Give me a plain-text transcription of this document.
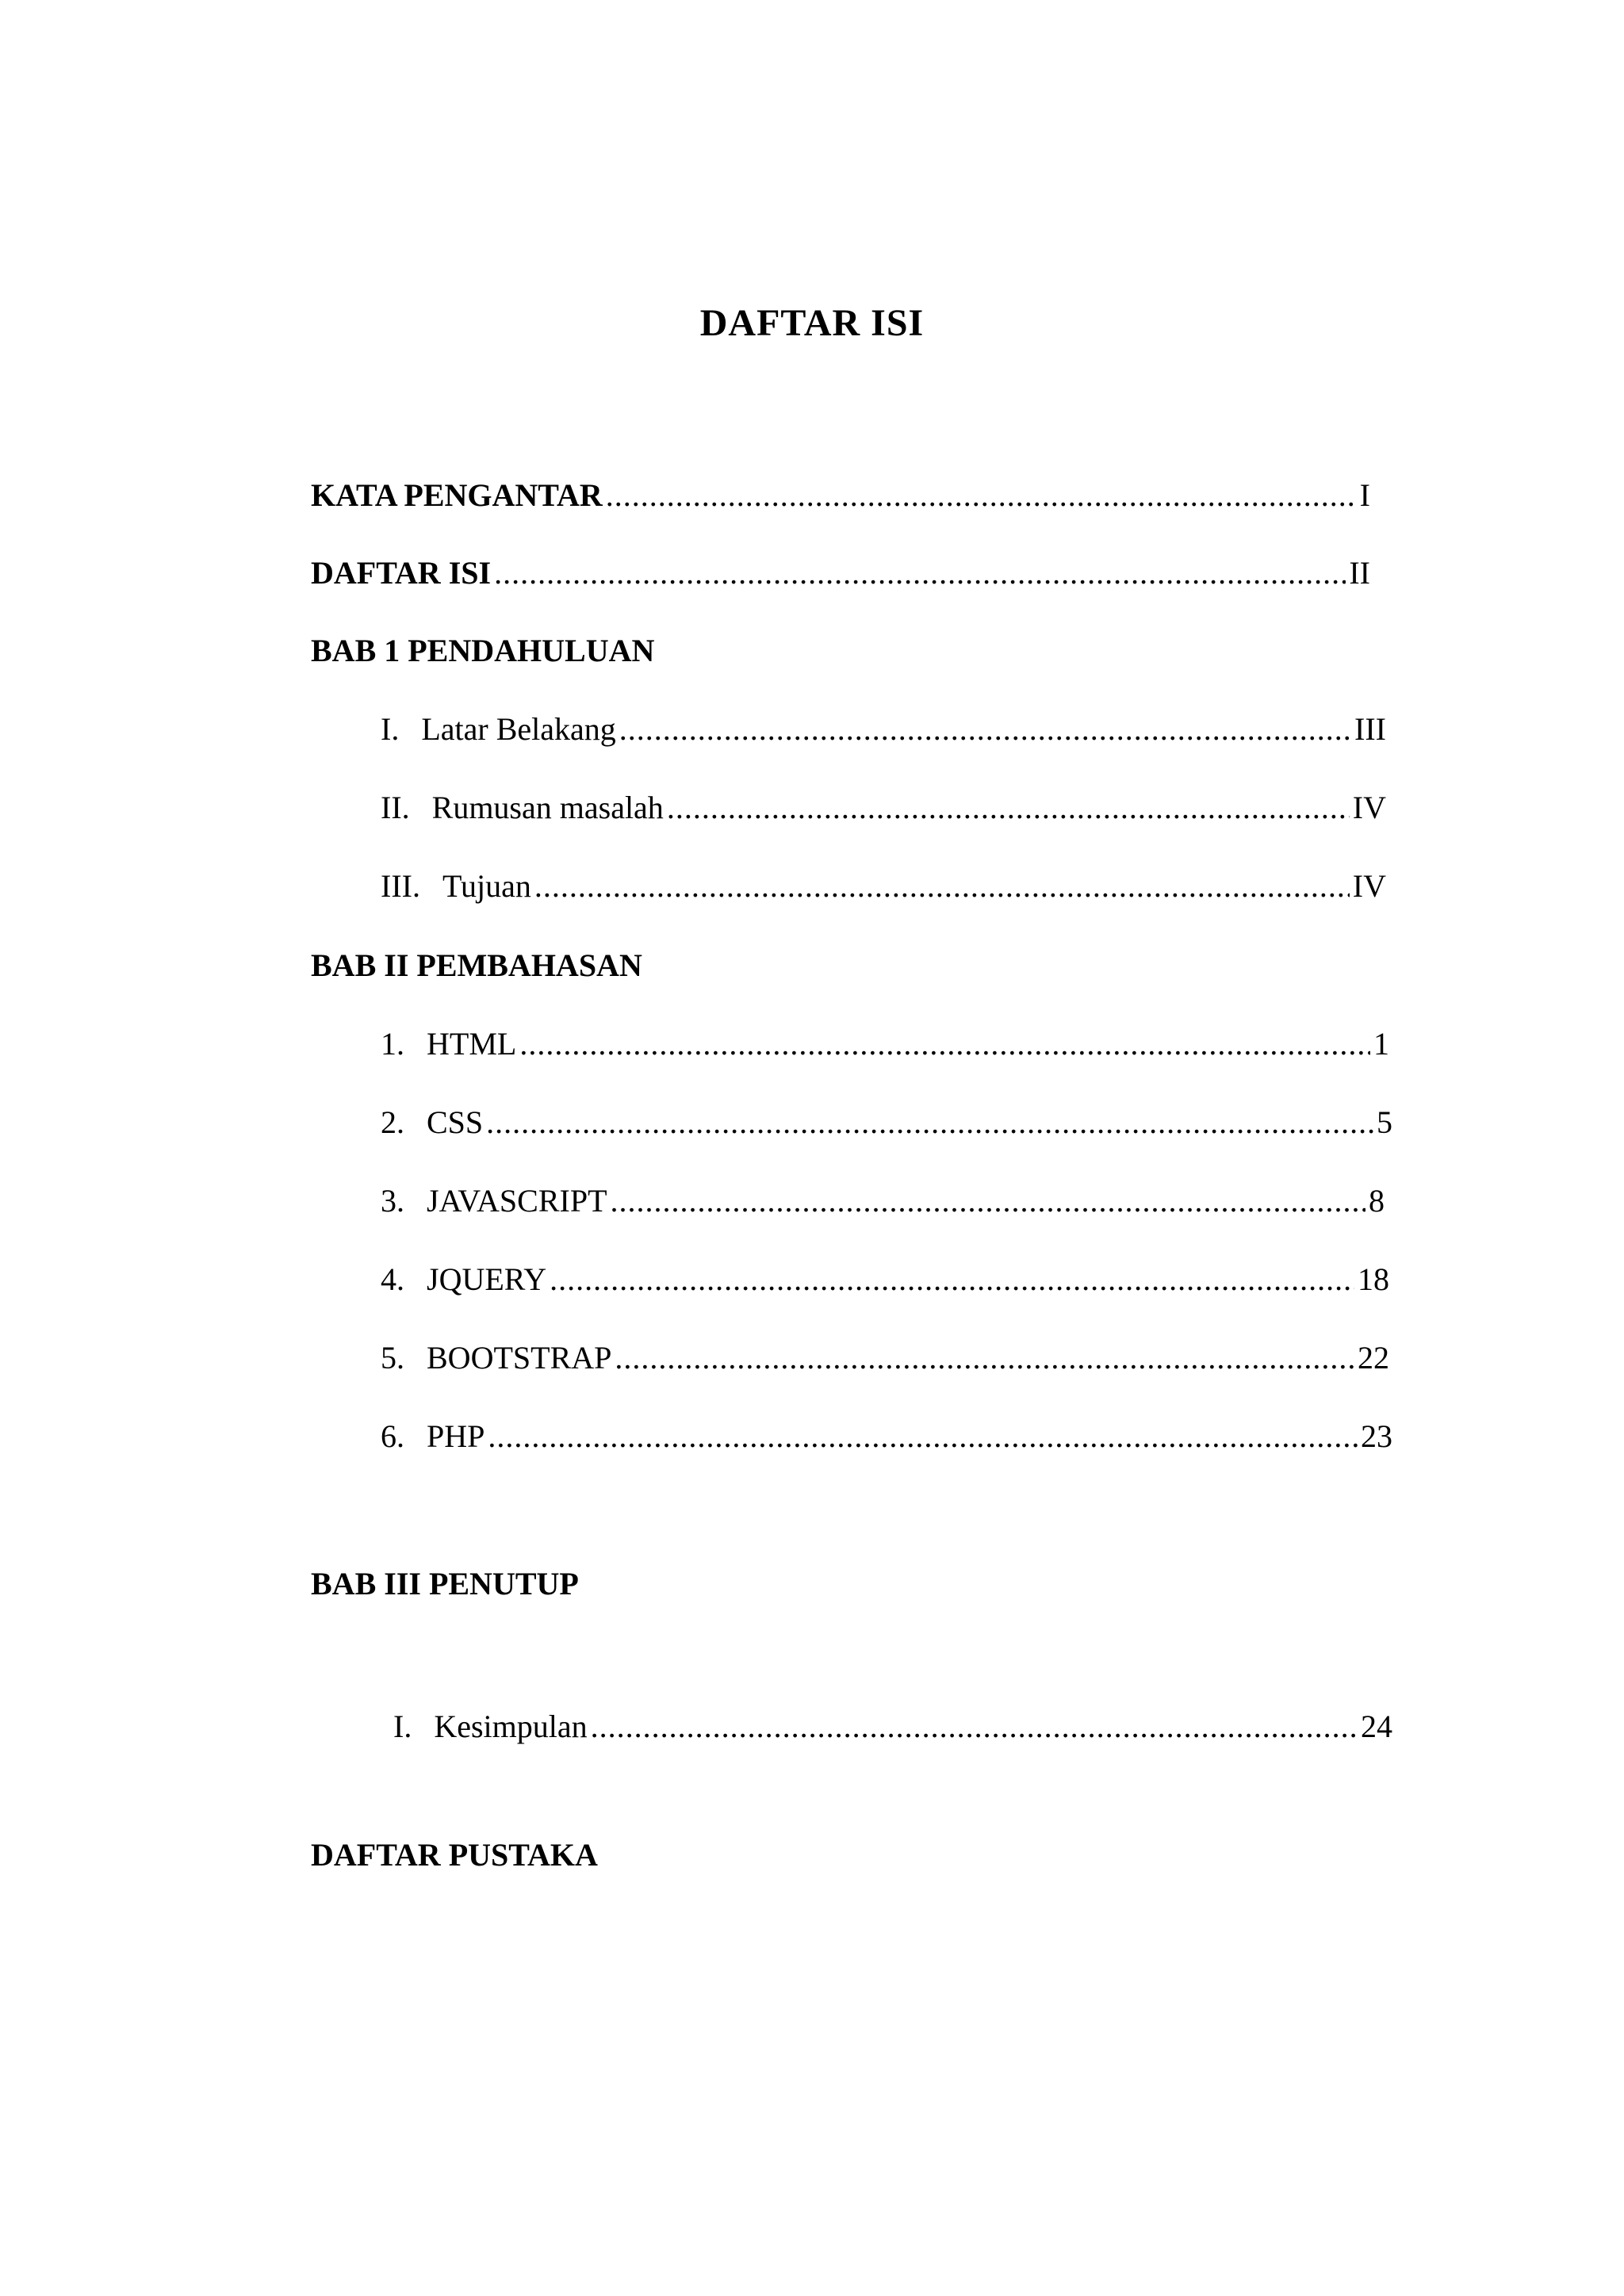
DAFTAR ISI
KATA PENGANTAR .....	I
DAFTAR ISI .....	II
BAB 1 PENDAHULUAN
I. Latar Belakang .....	III
II. Rumusan masalah .....	IV
III. Tujuan .....	IV
BAB II PEMBAHASAN
1. HTML .....	1
2. CSS .....	5
3. JAVASCRIPT .....	8
4. JQUERY .....	18
5. BOOTSTRAP .....	22
6. PHP .....	23
BAB III PENUTUP
I. Kesimpulan .....	24
DAFTAR PUSTAKA
